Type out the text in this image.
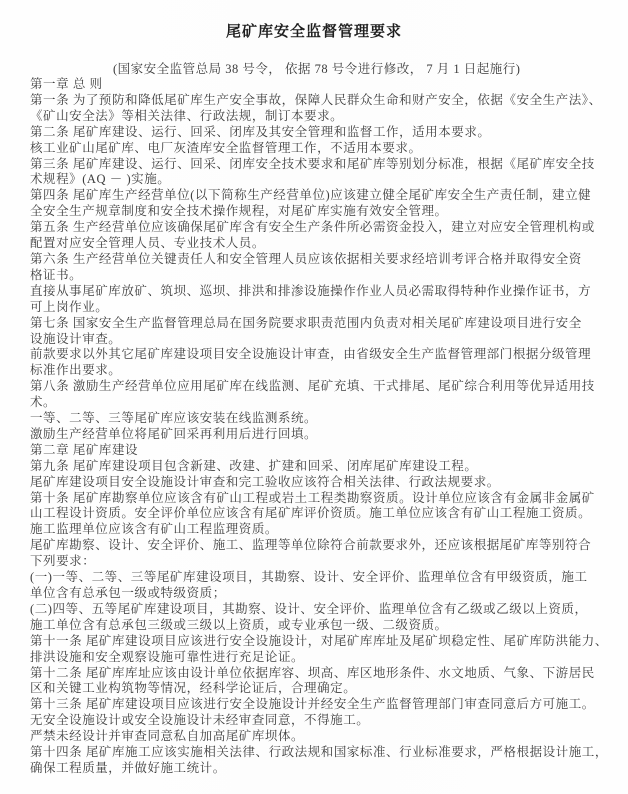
尾矿库安全监督管理要求
(国家安全监管总局 38 号令， 依据 78 号令进行修改， 7 月 1 日起施行)
第一章 总 则
第一条 为了预防和降低尾矿库生产安全事故，保障人民群众生命和财产安全，依据《安全生产法》、
《矿山安全法》等相关法律、行政法规，制订本要求。
第二条 尾矿库建设、运行、回采、闭库及其安全管理和监督工作，适用本要求。
核工业矿山尾矿库、电厂灰渣库安全监督管理工作，不适用本要求。
第三条 尾矿库建设、运行、回采、闭库安全技术要求和尾矿库等别划分标准，根据《尾矿库安全技
术规程》(AQ － )实施。
第四条 尾矿库生产经营单位(以下简称生产经营单位)应该建立健全尾矿库安全生产责任制，建立健
全安全生产规章制度和安全技术操作规程，对尾矿库实施有效安全管理。
第五条 生产经营单位应该确保尾矿库含有安全生产条件所必需资金投入，建立对应安全管理机构或
配置对应安全管理人员、专业技术人员。
第六条 生产经营单位关键责任人和安全管理人员应该依据相关要求经培训考评合格并取得安全资
格证书。
直接从事尾矿库放矿、筑坝、巡坝、排洪和排渗设施操作作业人员必需取得特种作业操作证书，方
可上岗作业。
第七条 国家安全生产监督管理总局在国务院要求职责范围内负责对相关尾矿库建设项目进行安全
设施设计审查。
前款要求以外其它尾矿库建设项目安全设施设计审查，由省级安全生产监督管理部门根据分级管理
标准作出要求。
第八条 激励生产经营单位应用尾矿库在线监测、尾矿充填、干式排尾、尾矿综合利用等优异适用技
术。
一等、二等、三等尾矿库应该安装在线监测系统。
激励生产经营单位将尾矿回采再利用后进行回填。
第二章 尾矿库建设
第九条 尾矿库建设项目包含新建、改建、扩建和回采、闭库尾矿库建设工程。
尾矿库建设项目安全设施设计审查和完工验收应该符合相关法律、行政法规要求。
第十条 尾矿库勘察单位应该含有矿山工程或岩土工程类勘察资质。设计单位应该含有金属非金属矿
山工程设计资质。安全评价单位应该含有尾矿库评价资质。施工单位应该含有矿山工程施工资质。
施工监理单位应该含有矿山工程监理资质。
尾矿库勘察、设计、安全评价、施工、监理等单位除符合前款要求外，还应该根据尾矿库等别符合
下列要求：
(一)一等、二等、三等尾矿库建设项目，其勘察、设计、安全评价、监理单位含有甲级资质，施工
单位含有总承包一级或特级资质；
(二)四等、五等尾矿库建设项目，其勘察、设计、安全评价、监理单位含有乙级或乙级以上资质，
施工单位含有总承包三级或三级以上资质，或专业承包一级、二级资质。
第十一条 尾矿库建设项目应该进行安全设施设计，对尾矿库库址及尾矿坝稳定性、尾矿库防洪能力、
排洪设施和安全观察设施可靠性进行充足论证。
第十二条 尾矿库库址应该由设计单位依据库容、坝高、库区地形条件、水文地质、气象、下游居民
区和关键工业构筑物等情况，经科学论证后，合理确定。
第十三条 尾矿库建设项目应该进行安全设施设计并经安全生产监督管理部门审查同意后方可施工。
无安全设施设计或安全设施设计未经审查同意，不得施工。
严禁未经设计并审查同意私自加高尾矿库坝体。
第十四条 尾矿库施工应该实施相关法律、行政法规和国家标准、行业标准要求，严格根据设计施工，
确保工程质量，并做好施工统计。
